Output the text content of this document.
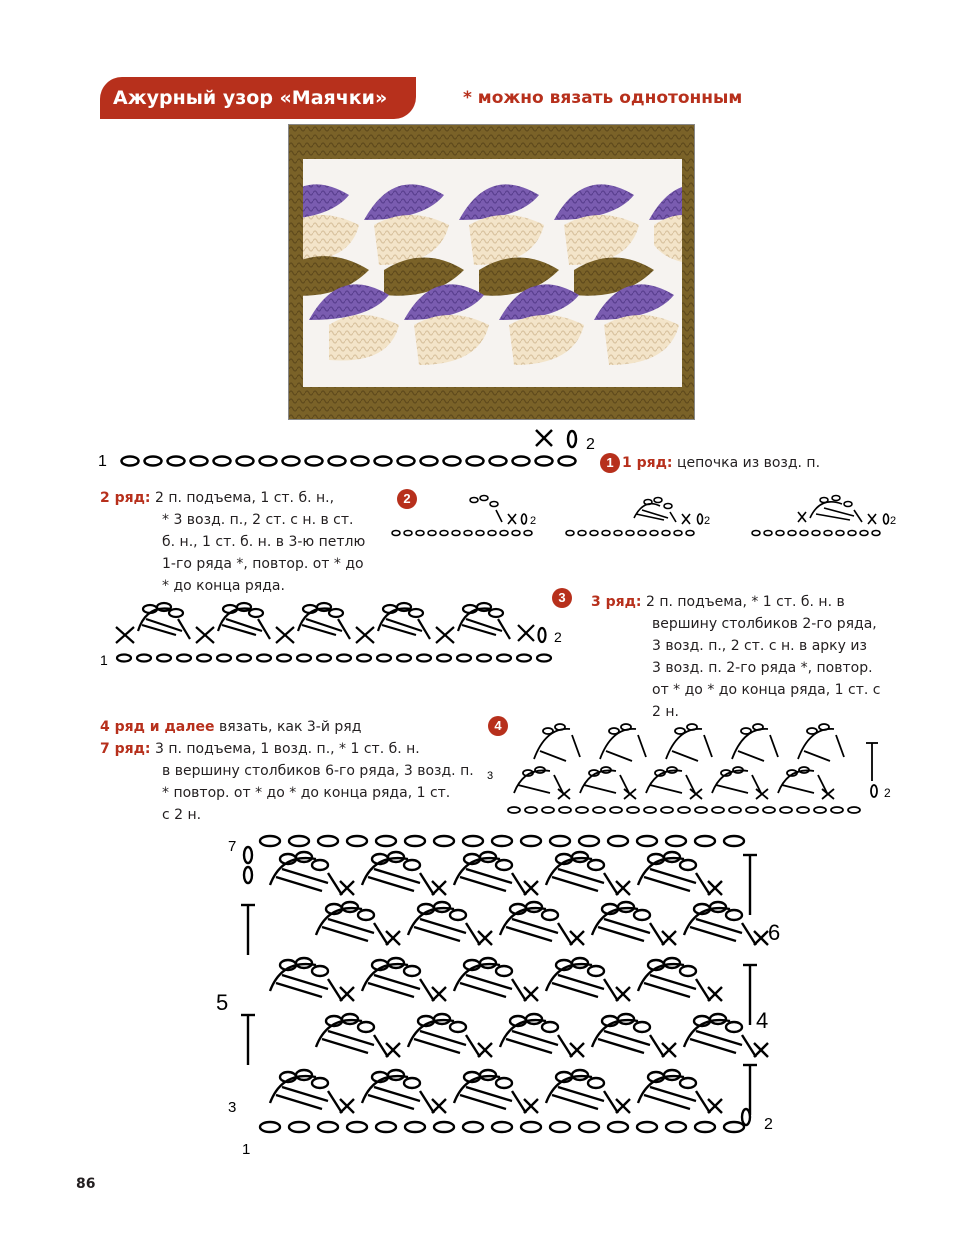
Ажурный узор «Маячки»	* можно вязать однотонным
1
2
1 1 ряд: цепочка из возд. п.
2 ряд: 2 п. подъема, 1 ст. б. н.,
* 3 возд. п., 2 ст. с н. в ст.
б. н., 1 ст. б. н. в 3-ю петлю
1-го ряда *, повтор. от * до
* до конца ряда.
2
2	2	2
1
2
3	3 ряд: 2 п. подъема, * 1 ст. б. н. в
вершину столбиков 2-го ряда,
3 возд. п., 2 ст. с н. в арку из
3 возд. п. 2-го ряда *, повтор.
от * до * до конца ряда, 1 ст. с
2 н.
4 ряд и далее вязать, как 3-й ряд
7 ряд: 3 п. подъема, 1 возд. п., * 1 ст. б. н.
в вершину столбиков 6-го ряда, 3 возд. п.
* повтор. от * до * до конца ряда, 1 ст.
с 2 н.
4
3
2
1
2
3
4
5
6
7
86
